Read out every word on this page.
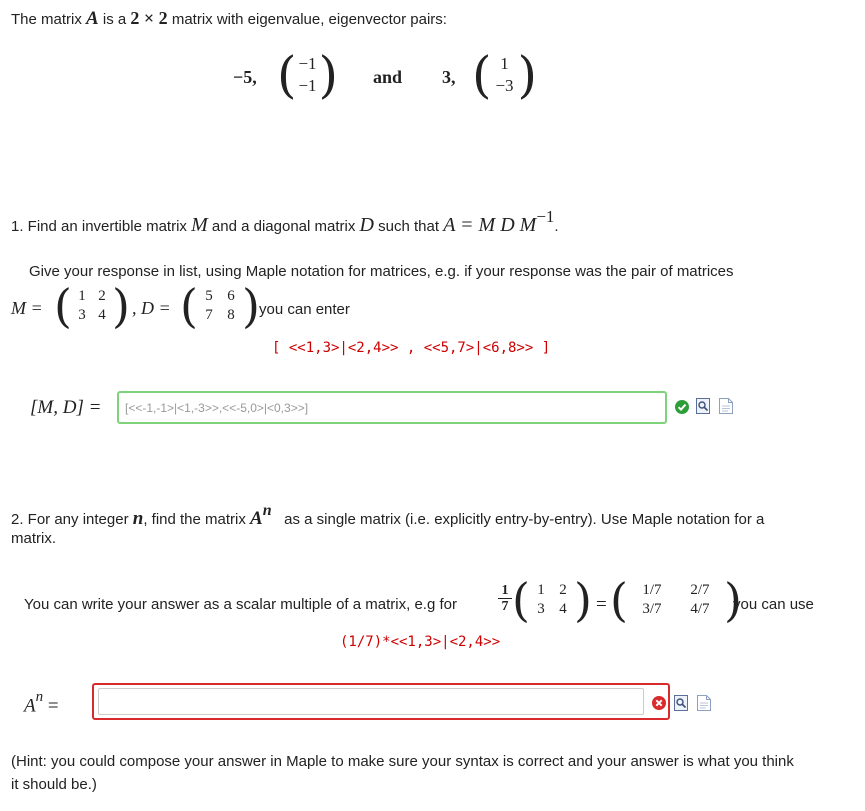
The matrix A is a 2 × 2 matrix with eigenvalue, eigenvector pairs:
−5, ( −1
−1 ) and 3, ( 1
−3 )
1. Find an invertible matrix M and a diagonal matrix D such that A = M D $M^{-1}$.
Give your response in list, using Maple notation for matrices, e.g. if your response was the pair of matrices
M = ( 1 2
3 4 ) , D = ( 5 6
7 8 ) you can enter
[ <<1,3>|<2,4>> , <<5,7>|<6,8>> ]
[M, D] =
[<<-1,-1>|<1,-3>>,<<-5,0>|<0,3>>]
2. For any integer n, find the matrix $A^n$   as a single matrix (i.e. explicitly entry-by-entry). Use Maple notation for a
matrix.
You can write your answer as a scalar multiple of a matrix, e.g for
1
7 ( 1 2
3 4 ) = ( 1/7	2/7
3/7	4/7 )
you can use
(1/7)*<<1,3>|<2,4>>
$A^n$ =
(Hint: you could compose your answer in Maple to make sure your syntax is correct and your answer is what you think
it should be.)
